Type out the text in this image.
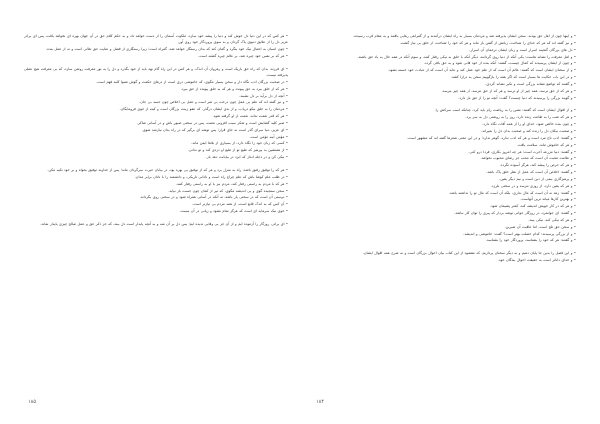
• هر کس که در این دنیا دل خوش کند و دنیا را پیشه خود سازد، ملکوت آسمان را از دست خواهد داد و به حکم کلام حق در آن جهان بهره ای نخواهد یافت، پس ای برادر عزیز دل را از علایق دنیوی پاک گردان و به سوی پروردگار خود روی آور.

• چون انسان به اعمال نیک خود بنگرد و گمان کند که بدان رستگار خواهد شد، گمراه است؛ زیرا رستگاری از فضل و عنایت حق تعالی است و نه از عمل بنده.

• هر که بر نفس خود چیره شد، بر عالم چیره گشته است.

• ای فرزند، بدان که راه حق باریک است و رهروان آن اندک، و هر کس در این راه گام نهد باید از خود بگذرد و دل را به نور معرفت روشن سازد، که بی معرفت هیچ عملی پذیرفته نیست.

• در صحبت بزرگان ادب نگاه دار و سخن بسیار مگوی، که خاموشی دری است از درهای حکمت و گوش شنوا کلید فهم است.

• هر که از خلق ببرد به حق پیوندد و هر که به خلق پیوندد از حق ببرد.

• آنچه از دل برآید بر دل نشیند.

• و نیز گفته اند که علم بی عمل چون درخت بی ثمر است و عمل بی اخلاص چون جسد بی جان.

• مردمان را به خلق نیکو دریاب، و از بدی ایشان درگذر، که عفو زینت بزرگان است و کینه از خوی فرومایگان.

• هر که قدر نعمت نداند، نعمت از او گرفته شود.

• صبر کلید گشایش است و شکر سبب افزونی نعمت، پس در سختی صبور باش و در آسانی شاکر.

• ای عزیز، دنیا سرای گذر است نه جای قرار؛ پس توشه ای برگیر که در راه بدان نیازمند شوی.

• مؤمن آینه مؤمن است.

• کسی که زبان خود را نگاه دارد، از بسیاری از بلاها ایمن ماند.

• از همنشین بد بپرهیز که طبع تو از طبع او دزدی کند و تو ندانی.

• نیکی کن و در دجله انداز که ایزد در بیابانت دهد باز.

• هر که را توفیق رفیق باشد، راه به منزل برد و هر که از توفیق بی بهره بود، در بیابان حیرت سرگردان ماند؛ پس از خداوند توفیق بخواه و بر خود تکیه مکن.

• در طلب علم کوشا باش که علم چراغ راه است و نادانی تاریکی، و دانشمند را با نادان برابر مدان.

• هر که با مردم به راستی رفتار کند، مردم نیز با او به راستی رفتار کنند.

• سخن سنجیده گوی و بی اندیشه مگوی، که تیر از کمان چون جست باز نیاید.

• دوستی آن است که در سختی یار باشد، نه آنکه در آسانی همراه شود و در سختی روی بگرداند.

• آن کس که به اندک قانع است، از همه مردم بی نیازتر است.

• خوی نیک سرمایه ای است که هرگز تمام نشود و زیانی در آن نیست.

• ای برادر، روزگار را آزموده ایم و از آن جز بی وفایی ندیده ایم؛ پس دل بر آن منه و به آنچه پایدار است دل ببند، که جز ذکر حق و عمل صالح چیزی پایدار نماند.

۱۸۵

• و اینها چون از اهل حق بودند، سخن ایشان پذیرفته شد و مردمان بسیار به راه ایشان درآمدند و از گمراهی رهایی یافتند و به مقام قرب رسیدند.

• و نیز گفته اند که هر که خدای را شناخت، زبانش از گفتن باز ماند و هر که خود را شناخت، از خلق بی نیاز گشت.

• دل های بزرگان گنجینه اسرار است و زبان ایشان ترجمان آن اسرار.

• و اهل معرفت را نشانه هاست: یکی آنکه از دنیا روی گردانند، دیگر آنکه با خلق به نیکی رفتار کنند، و سوم آنکه در همه حال به یاد حق باشند.

• و چون از ایشان پرسیدند که کمال چیست، گفتند: آنکه بنده از خود فانی شود و به حق باقی گردد.

• و از سخنان ایشان است که گفتند: عالم آن است که از علم خود عمل کند و عابد آن است که از عبادت خود خسته نشود.

• و در این باب حکایت ها بسیار است که اگر همه را بازگوییم سخن به درازا کشد.

• و گفتند که تواضع نشانه بزرگی است و تکبر نشانه خُردی.

• و هر که از حق ترسد، همه چیز از او ترسد و هر که از حق نترسد، از همه چیز بترسد.

• و گویند بزرگی را پرسیدند که دنیا چیست؟ گفت: آنچه تو را از حق باز دارد.

• و از اقوال ایشان است که گفتند: نفس را به ریاضت رام باید کرد، چنانکه اسب سرکش را.

• و هر که شب را به طاعت زنده دارد، روز را به روشنی دل به سر برد.

• و چون بنده خالص شود، خدای او را از همه آفات نگاه دارد.

• و صحبت نیکان دل را زنده کند و صحبت بدان دل را بمیراند.

• و گفتند: ادب تاج مرد است و هر که ادب ندارد، گوهر ندارد؛ و در این معنی شعرها گفته اند که مشهور است.

• و هر که خاموش ماند، سلامت یافت.

• و گفتند: دنیا مزرعه آخرت است؛ هر چه امروز بکاری، فردا درو کنی.

• و علامت محبت آن است که محب جز رضای محبوب نخواهد.

• و هر که حرص را پیشه کند، هرگز آسوده نگردد.

• و گفتند: اخلاص آن است که عمل از نظر خلق پاک باشد.

• و پرهیزگاری نیمی از دین است و نیم دیگر یقین.

• و هر که یقین دارد، از روزی نترسد و در سختی نلرزد.

• و گفتند: زهد نه آن است که مال نداری، بلکه آن است که مال تو را نداشته باشد.

• و بهترین کارها میانه ترین آنهاست.

• و هر که در کار خویش اندیشه کند، کمتر پشیمان شود.

• و گفتند: ای جوانمرد، در روزگار جوانی توشه بردار که پیری را توان کار نباشد.

• و هر که نیکی کند، نیکی بیند.

• و سخن حق تلخ است، اما عاقبت آن شیرین.

• و از بزرگی پرسیدند: کدام خصلت بهتر است؟ گفت: خاموشی و اندیشه.

• و گفتند: هر که خود را بشناسد، پروردگار خود را بشناسد.

• و این فصل را بدین جا پایان دهیم و به دیگر سخنان پردازیم، که مقصود از این کتاب بیان احوال بزرگان است و نه شرح همه اقوال ایشان.

• و خدای داناتر است به حقیقت احوال بندگان خود.

۱۸۴
